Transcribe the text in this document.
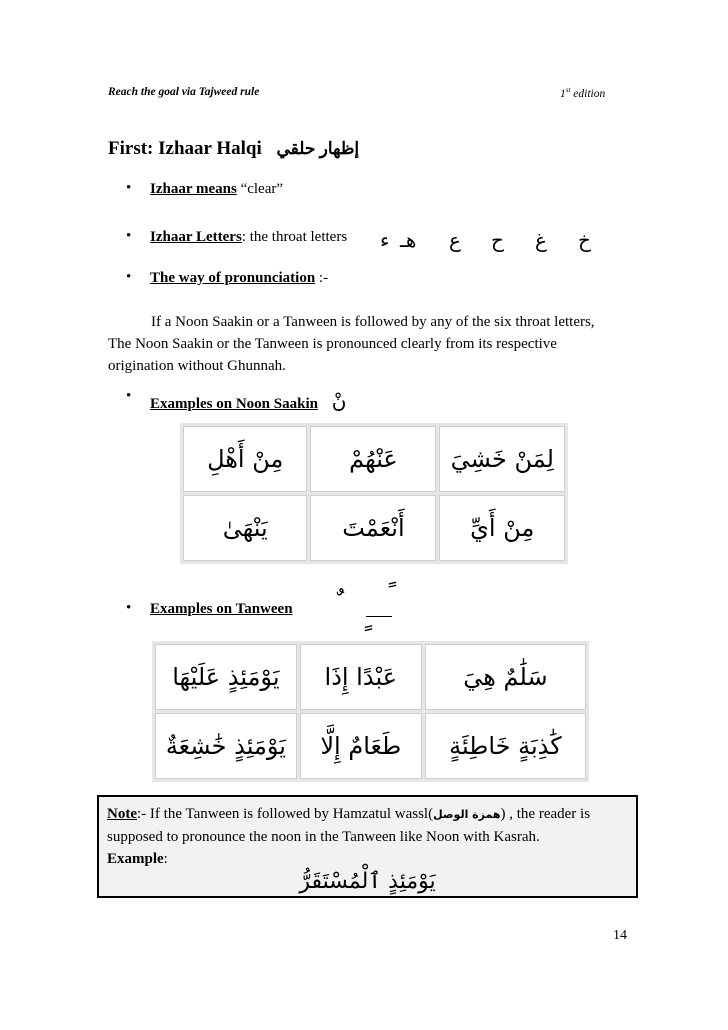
Reach the goal via Tajweed rule	1st edition
First: Izhaar Halqi إظهار حلقي
• Izhaar means “clear”
• Izhaar Letters: the throat letters ء هـ ع ح غ خ
• The way of pronunciation :-
If a Noon Saakin or a Tanween is followed by any of the six throat letters, The Noon Saakin or the Tanween is pronounced clearly from its respective origination without Ghunnah.
• Examples on Noon Saakin نْ
مِنْ أَهْلِ	عَنْهُمْ	لِمَنْ خَشِيَ
يَنْهَىٰ	أَنْعَمْتَ	مِنْ أَيِّ
• Examples on Tanween
يَوْمَئِذٍ عَلَيْهَا	عَبْدًا إِذَا	سَلَٰمٌ هِيَ
يَوْمَئِذٍ خَٰشِعَةٌ	طَعَامٌ إِلَّا	كَٰذِبَةٍ خَاطِئَةٍ
Note:- If the Tanween is followed by Hamzatul wassl(همزة الوصل) , the reader is supposed to pronounce the noon in the Tanween like Noon with Kasrah.
Example:
يَوْمَئِذٍ ٱلْمُسْتَقَرُّ
14
